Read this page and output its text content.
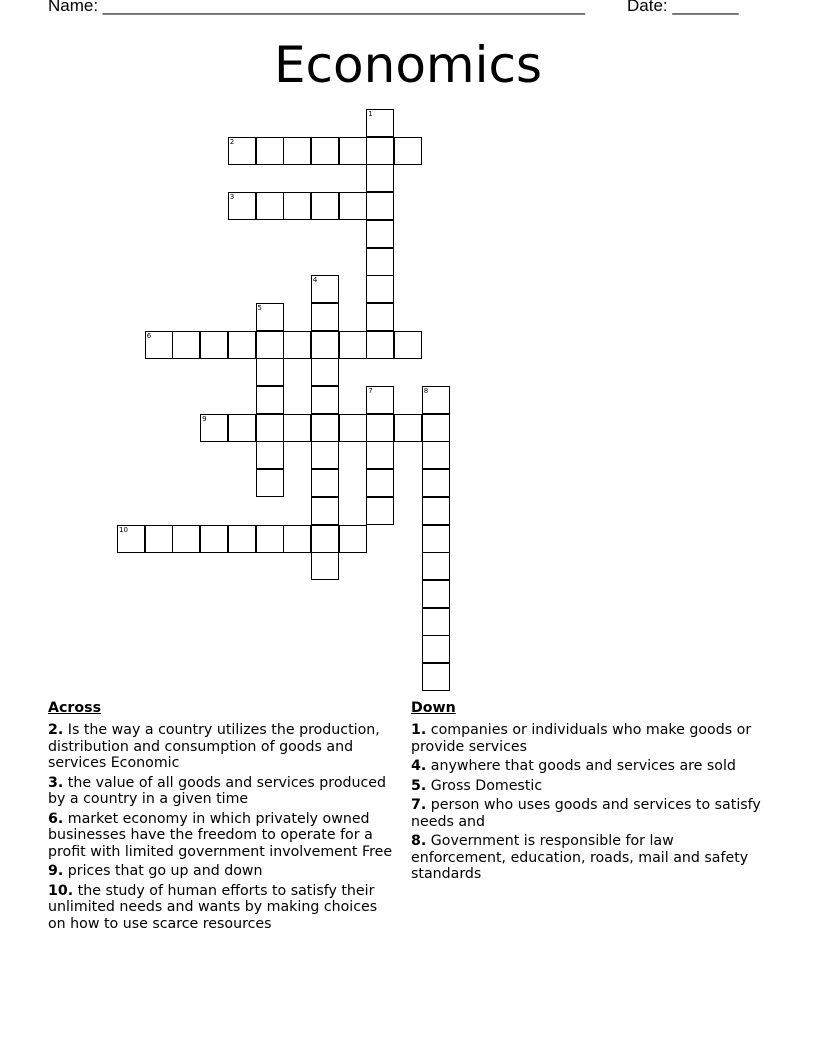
Name: ___________________________________________________ Date: _______
Economics
1
2
3
4
5
6
7	8
9
10
Across
2. Is the way a country utilizes the production, distribution and consumption of goods and services Economic
3. the value of all goods and services produced by a country in a given time
6. market economy in which privately owned businesses have the freedom to operate for a profit with limited government involvement Free
9. prices that go up and down
10. the study of human efforts to satisfy their unlimited needs and wants by making choices on how to use scarce resources
Down
1. companies or individuals who make goods or provide services
4. anywhere that goods and services are sold
5. Gross Domestic
7. person who uses goods and services to satisfy needs and
8. Government is responsible for law enforcement, education, roads, mail and safety standards
